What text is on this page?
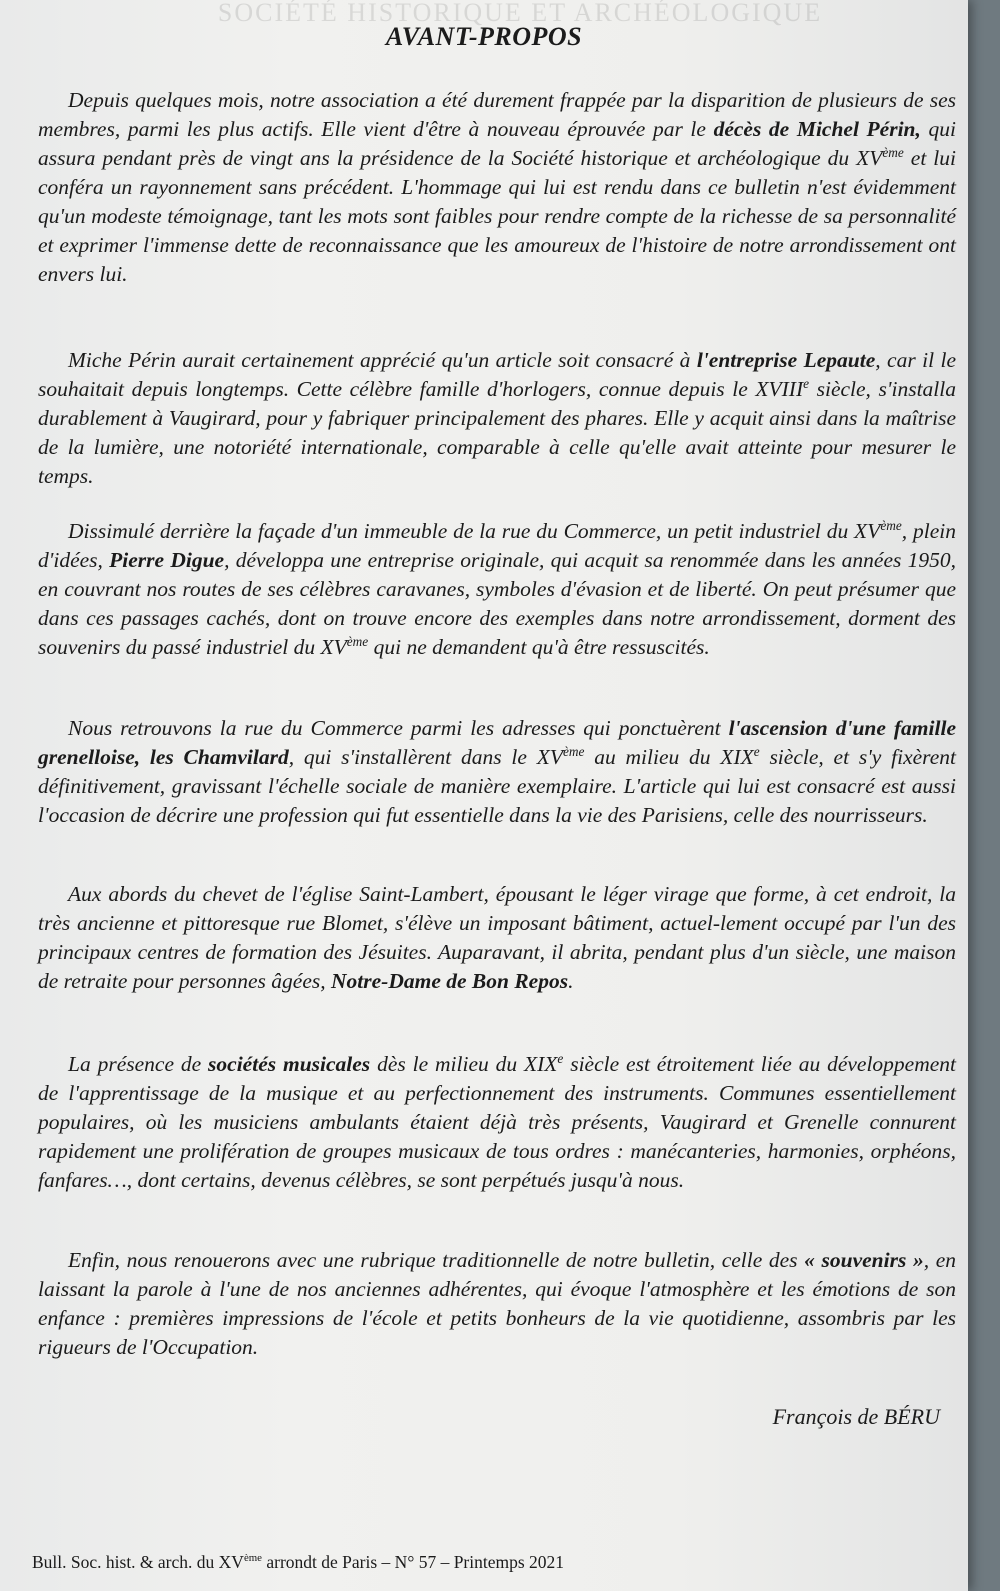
SOCIÉTÉ HISTORIQUE ET ARCHÉOLOGIQUE
AVANT-PROPOS

Depuis quelques mois, notre association a été durement frappée par la disparition de plusieurs de ses membres, parmi les plus actifs. Elle vient d'être à nouveau éprouvée par le décès de Michel Périn, qui assura pendant près de vingt ans la présidence de la Société historique et archéologique du XVème et lui conféra un rayonnement sans précédent. L'hommage qui lui est rendu dans ce bulletin n'est évidemment qu'un modeste témoignage, tant les mots sont faibles pour rendre compte de la richesse de sa personnalité et exprimer l'immense dette de reconnaissance que les amoureux de l'histoire de notre arrondissement ont envers lui.

Miche Périn aurait certainement apprécié qu'un article soit consacré à l'entreprise Lepaute, car il le souhaitait depuis longtemps. Cette célèbre famille d'horlogers, connue depuis le XVIIIe siècle, s'installa durablement à Vaugirard, pour y fabriquer principalement des phares. Elle y acquit ainsi dans la maîtrise de la lumière, une notoriété internationale, comparable à celle qu'elle avait atteinte pour mesurer le temps.

Dissimulé derrière la façade d'un immeuble de la rue du Commerce, un petit industriel du XVème, plein d'idées, Pierre Digue, développa une entreprise originale, qui acquit sa renommée dans les années 1950, en couvrant nos routes de ses célèbres caravanes, symboles d'évasion et de liberté. On peut présumer que dans ces passages cachés, dont on trouve encore des exemples dans notre arrondissement, dorment des souvenirs du passé industriel du XVème qui ne demandent qu'à être ressuscités.

Nous retrouvons la rue du Commerce parmi les adresses qui ponctuèrent l'ascension d'une famille grenelloise, les Chamvilard, qui s'installèrent dans le XVème au milieu du XIXe siècle, et s'y fixèrent définitivement, gravissant l'échelle sociale de manière exemplaire. L'article qui lui est consacré est aussi l'occasion de décrire une profession qui fut essentielle dans la vie des Parisiens, celle des nourrisseurs.

Aux abords du chevet de l'église Saint-Lambert, épousant le léger virage que forme, à cet endroit, la très ancienne et pittoresque rue Blomet, s'élève un imposant bâtiment, actuel-lement occupé par l'un des principaux centres de formation des Jésuites. Auparavant, il abrita, pendant plus d'un siècle, une maison de retraite pour personnes âgées, Notre-Dame de Bon Repos.

La présence de sociétés musicales dès le milieu du XIXe siècle est étroitement liée au développement de l'apprentissage de la musique et au perfectionnement des instruments. Communes essentiellement populaires, où les musiciens ambulants étaient déjà très présents, Vaugirard et Grenelle connurent rapidement une prolifération de groupes musicaux de tous ordres : manécanteries, harmonies, orphéons, fanfares…, dont certains, devenus célèbres, se sont perpétués jusqu'à nous.

Enfin, nous renouerons avec une rubrique traditionnelle de notre bulletin, celle des « souvenirs », en laissant la parole à l'une de nos anciennes adhérentes, qui évoque l'atmosphère et les émotions de son enfance : premières impressions de l'école et petits bonheurs de la vie quotidienne, assombris par les rigueurs de l'Occupation.

François de BÉRU
Bull. Soc. hist. & arch. du XVème arrondt de Paris – N° 57 – Printemps 2021
